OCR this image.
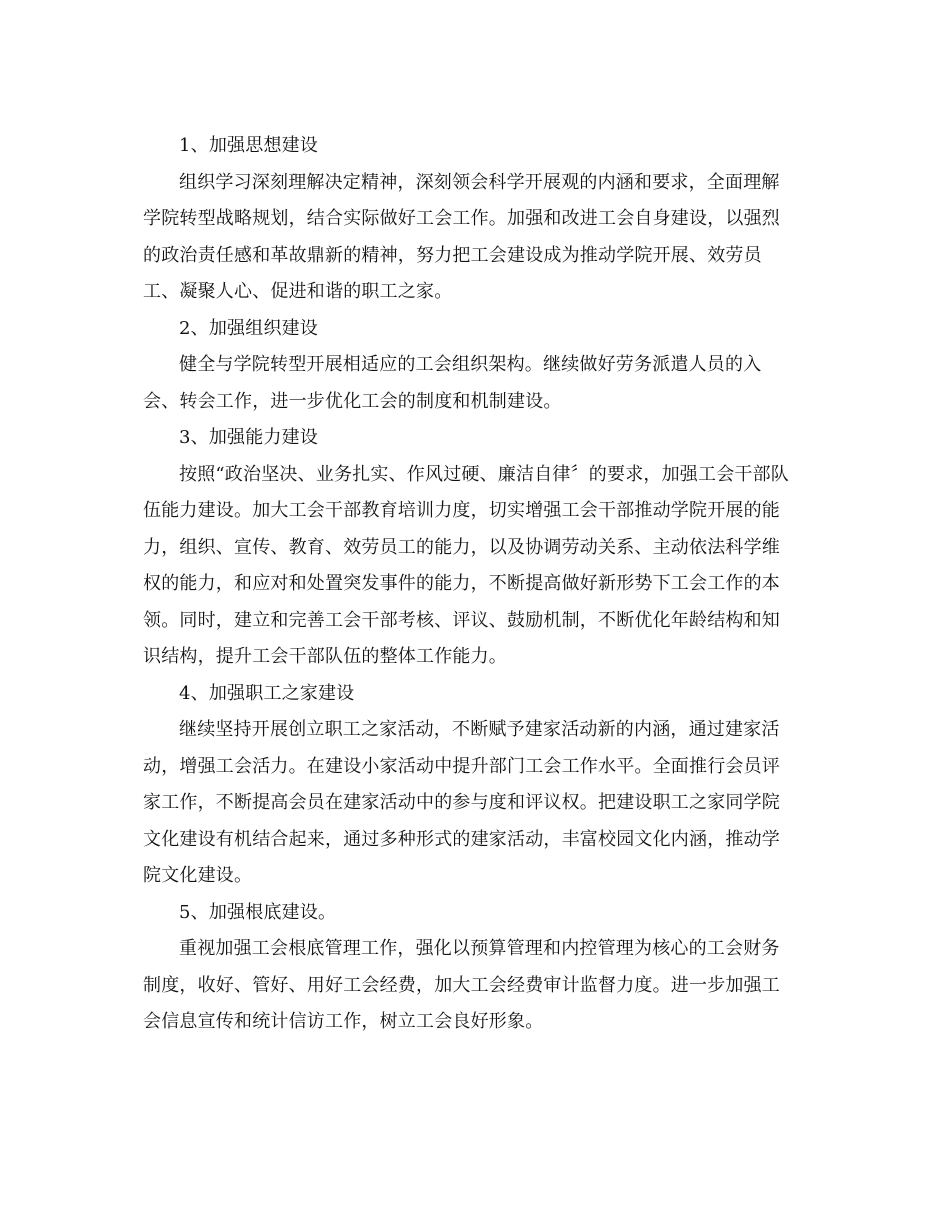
1、加强思想建设
组织学习深刻理解决定精神，深刻领会科学开展观的内涵和要求，全面理解
学院转型战略规划，结合实际做好工会工作。加强和改进工会自身建设，以强烈
的政治责任感和革故鼎新的精神，努力把工会建设成为推动学院开展、效劳员
工、凝聚人心、促进和谐的职工之家。
2、加强组织建设
健全与学院转型开展相适应的工会组织架构。继续做好劳务派遣人员的入
会、转会工作，进一步优化工会的制度和机制建设。
3、加强能力建设
按照“政治坚决、业务扎实、作风过硬、廉洁自律〞的要求，加强工会干部队
伍能力建设。加大工会干部教育培训力度，切实增强工会干部推动学院开展的能
力，组织、宣传、教育、效劳员工的能力，以及协调劳动关系、主动依法科学维
权的能力，和应对和处置突发事件的能力，不断提高做好新形势下工会工作的本
领。同时，建立和完善工会干部考核、评议、鼓励机制，不断优化年龄结构和知
识结构，提升工会干部队伍的整体工作能力。
4、加强职工之家建设
继续坚持开展创立职工之家活动，不断赋予建家活动新的内涵，通过建家活
动，增强工会活力。在建设小家活动中提升部门工会工作水平。全面推行会员评
家工作，不断提高会员在建家活动中的参与度和评议权。把建设职工之家同学院
文化建设有机结合起来，通过多种形式的建家活动，丰富校园文化内涵，推动学
院文化建设。
5、加强根底建设。
重视加强工会根底管理工作，强化以预算管理和内控管理为核心的工会财务
制度，收好、管好、用好工会经费，加大工会经费审计监督力度。进一步加强工
会信息宣传和统计信访工作，树立工会良好形象。
